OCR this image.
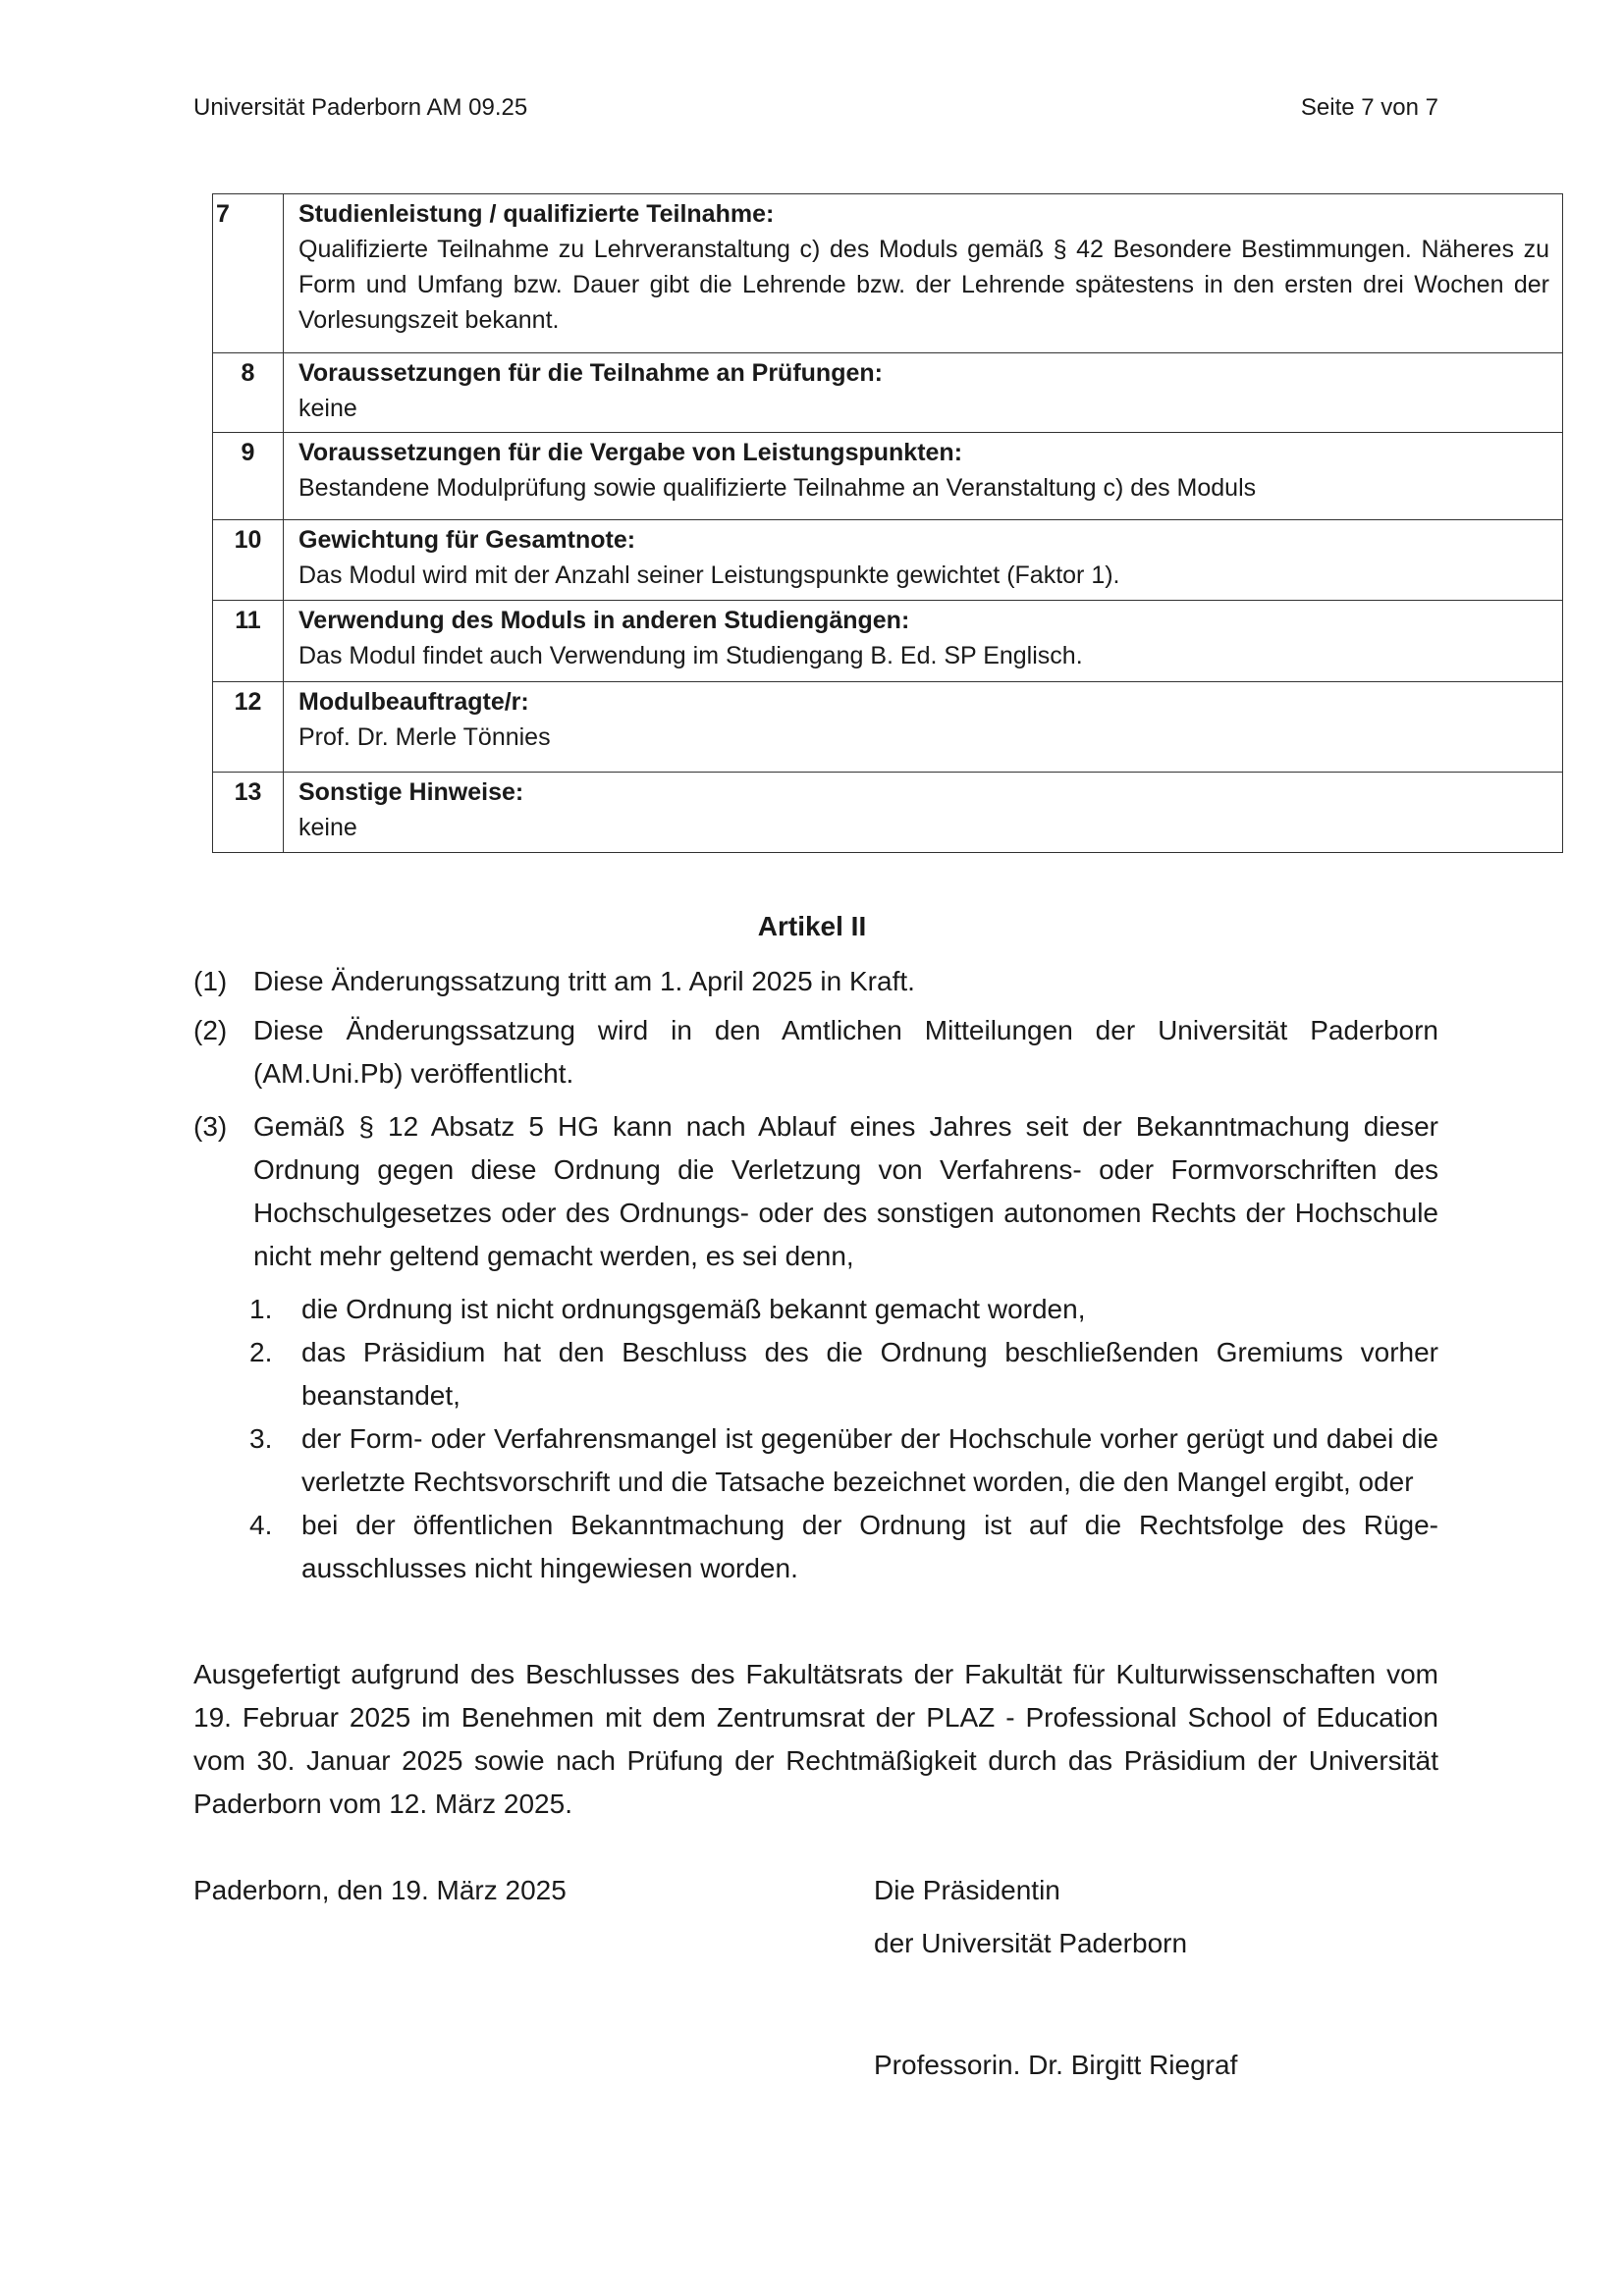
Universität Paderborn AM 09.25	Seite 7 von 7
7	Studienleistung / qualifizierte Teilnahme:
Qualifizierte Teilnahme zu Lehrveranstaltung c) des Moduls gemäß § 42 Besondere Bestimmungen. Näheres zu Form und Umfang bzw. Dauer gibt die Lehrende bzw. der Lehrende spätestens in den ersten drei Wochen der Vorlesungszeit bekannt.

8	Voraussetzungen für die Teilnahme an Prüfungen:
keine

9	Voraussetzungen für die Vergabe von Leistungspunkten:
Bestandene Modulprüfung sowie qualifizierte Teilnahme an Veranstaltung c) des Moduls

10	Gewichtung für Gesamtnote:
Das Modul wird mit der Anzahl seiner Leistungspunkte gewichtet (Faktor 1).

11	Verwendung des Moduls in anderen Studiengängen:
Das Modul findet auch Verwendung im Studiengang B. Ed. SP Englisch.

12	Modulbeauftragte/r:
Prof. Dr. Merle Tönnies

13	Sonstige Hinweise:
keine
Artikel II
(1) Diese Änderungssatzung tritt am 1. April 2025 in Kraft.
(2) Diese Änderungssatzung wird in den Amtlichen Mitteilungen der Universität Paderborn (AM.Uni.Pb) veröffentlicht.
(3) Gemäß § 12 Absatz 5 HG kann nach Ablauf eines Jahres seit der Bekanntmachung dieser Ordnung gegen diese Ordnung die Verletzung von Verfahrens- oder Formvorschriften des Hochschulgesetzes oder des Ordnungs- oder des sonstigen autonomen Rechts der Hochschule nicht mehr geltend gemacht werden, es sei denn,
1. die Ordnung ist nicht ordnungsgemäß bekannt gemacht worden,
2. das Präsidium hat den Beschluss des die Ordnung beschließenden Gremiums vorher beanstandet,
3. der Form- oder Verfahrensmangel ist gegenüber der Hochschule vorher gerügt und dabei die verletzte Rechtsvorschrift und die Tatsache bezeichnet worden, die den Mangel ergibt, oder
4. bei der öffentlichen Bekanntmachung der Ordnung ist auf die Rechtsfolge des Rüge-ausschlusses nicht hingewiesen worden.
Ausgefertigt aufgrund des Beschlusses des Fakultätsrats der Fakultät für Kulturwissenschaften vom 19. Februar 2025 im Benehmen mit dem Zentrumsrat der PLAZ - Professional School of Education vom 30. Januar 2025 sowie nach Prüfung der Rechtmäßigkeit durch das Präsidium der Universität Paderborn vom 12. März 2025.
Paderborn, den 19. März 2025	Die Präsidentin
der Universität Paderborn
Professorin. Dr. Birgitt Riegraf
